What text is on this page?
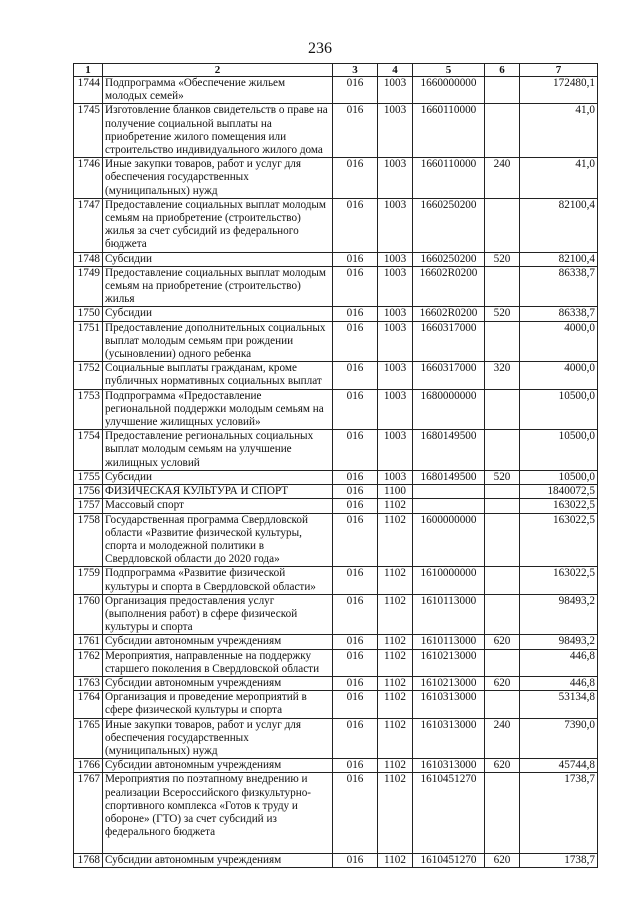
236
1	2	3	4	5	6	7
1744	Подпрограмма «Обеспечение жильем молодых семей»	016	1003	1660000000		172480,1
1745	Изготовление бланков свидетельств о праве на получение социальной выплаты на приобретение жилого помещения или строительство индивидуального жилого дома	016	1003	1660110000		41,0
1746	Иные закупки товаров, работ и услуг для обеспечения государственных (муниципальных) нужд	016	1003	1660110000	240	41,0
1747	Предоставление социальных выплат молодым семьям на приобретение (строительство) жилья за счет субсидий из федерального бюджета	016	1003	1660250200		82100,4
1748	Субсидии	016	1003	1660250200	520	82100,4
1749	Предоставление социальных выплат молодым семьям на приобретение (строительство) жилья	016	1003	16602R0200		86338,7
1750	Субсидии	016	1003	16602R0200	520	86338,7
1751	Предоставление дополнительных социальных выплат молодым семьям при рождении (усыновлении) одного ребенка	016	1003	1660317000		4000,0
1752	Социальные выплаты гражданам, кроме публичных нормативных социальных выплат	016	1003	1660317000	320	4000,0
1753	Подпрограмма «Предоставление региональной поддержки молодым семьям на улучшение жилищных условий»	016	1003	1680000000		10500,0
1754	Предоставление региональных социальных выплат молодым семьям на улучшение жилищных условий	016	1003	1680149500		10500,0
1755	Субсидии	016	1003	1680149500	520	10500,0
1756	ФИЗИЧЕСКАЯ КУЛЬТУРА И СПОРТ	016	1100			1840072,5
1757	Массовый спорт	016	1102			163022,5
1758	Государственная программа Свердловской области «Развитие физической культуры, спорта и молодежной политики в Свердловской области до 2020 года»	016	1102	1600000000		163022,5
1759	Подпрограмма «Развитие физической культуры и спорта в Свердловской области»	016	1102	1610000000		163022,5
1760	Организация предоставления услуг (выполнения работ) в сфере физической культуры и спорта	016	1102	1610113000		98493,2
1761	Субсидии автономным учреждениям	016	1102	1610113000	620	98493,2
1762	Мероприятия, направленные на поддержку старшего поколения в Свердловской области	016	1102	1610213000		446,8
1763	Субсидии автономным учреждениям	016	1102	1610213000	620	446,8
1764	Организация и проведение мероприятий в сфере физической культуры и спорта	016	1102	1610313000		53134,8
1765	Иные закупки товаров, работ и услуг для обеспечения государственных (муниципальных) нужд	016	1102	1610313000	240	7390,0
1766	Субсидии автономным учреждениям	016	1102	1610313000	620	45744,8
1767	Мероприятия по поэтапному внедрению и реализации Всероссийского физкультурно-спортивного комплекса «Готов к труду и обороне» (ГТО) за счет субсидий из федерального бюджета	016	1102	1610451270		1738,7
1768	Субсидии автономным учреждениям	016	1102	1610451270	620	1738,7
